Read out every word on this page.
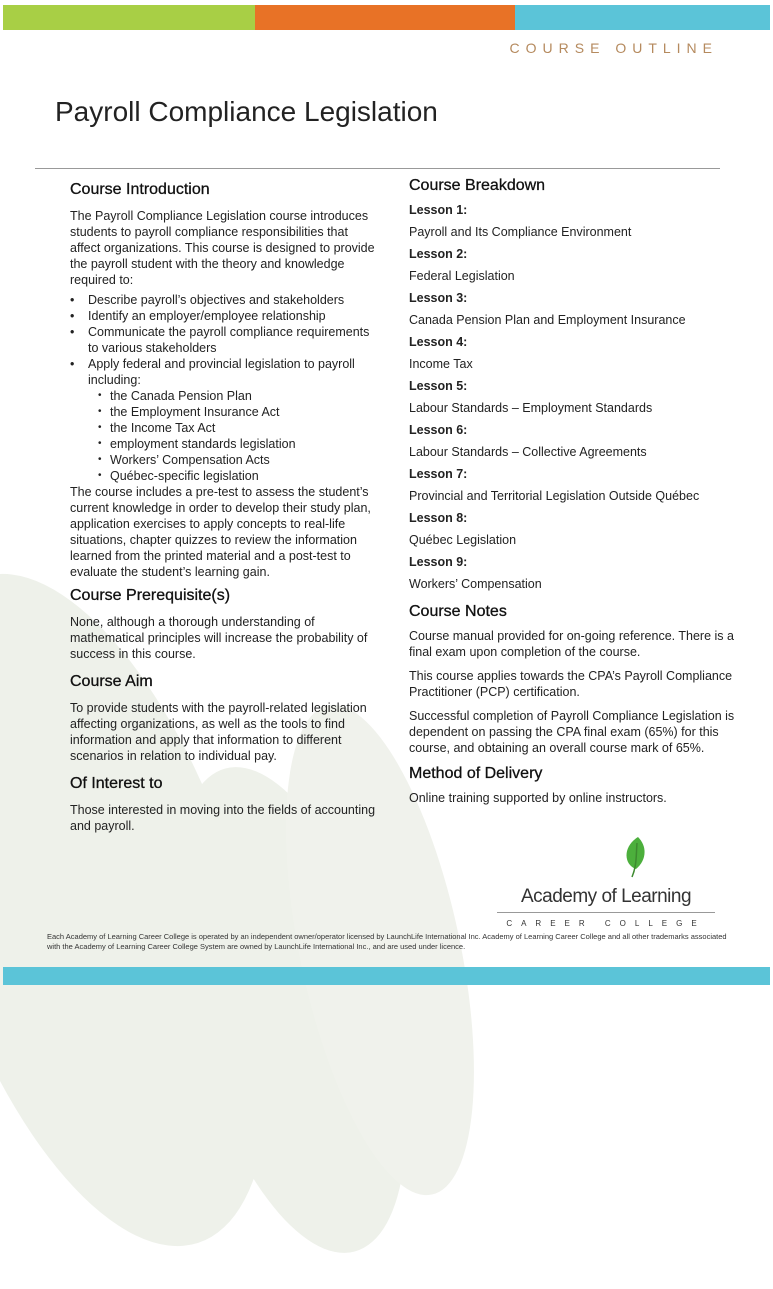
COURSE OUTLINE
Payroll Compliance Legislation
Course Introduction

The Payroll Compliance Legislation course introduces students to payroll compliance responsibilities that affect organizations. This course is designed to provide the payroll student with the theory and knowledge required to:

• Describe payroll’s objectives and stakeholders
• Identify an employer/employee relationship
• Communicate the payroll compliance requirements to various stakeholders
• Apply federal and provincial legislation to payroll including:
• the Canada Pension Plan
• the Employment Insurance Act
• the Income Tax Act
• employment standards legislation
• Workers’ Compensation Acts
• Québec-specific legislation

The course includes a pre-test to assess the student’s current knowledge in order to develop their study plan, application exercises to apply concepts to real-life situations, chapter quizzes to review the information learned from the printed material and a post-test to evaluate the student’s learning gain.

Course Prerequisite(s)

None, although a thorough understanding of mathematical principles will increase the probability of success in this course.

Course Aim

To provide students with the payroll-related legislation affecting organizations, as well as the tools to find information and apply that information to different scenarios in relation to individual pay.

Of Interest to

Those interested in moving into the fields of accounting and payroll.

Course Breakdown
Lesson 1:
Payroll and Its Compliance Environment
Lesson 2:
Federal Legislation
Lesson 3:
Canada Pension Plan and Employment Insurance
Lesson 4:
Income Tax
Lesson 5:
Labour Standards – Employment Standards
Lesson 6:
Labour Standards – Collective Agreements
Lesson 7:
Provincial and Territorial Legislation Outside Québec
Lesson 8:
Québec Legislation
Lesson 9:
Workers’ Compensation
Course Notes

Course manual provided for on-going reference. There is a final exam upon completion of the course.

This course applies towards the CPA’s Payroll Compliance Practitioner (PCP) certification.

Successful completion of Payroll Compliance Legislation is dependent on passing the CPA final exam (65%) for this course, and obtaining an overall course mark of 65%.

Method of Delivery

Online training supported by online instructors.

Academy of Learning
CAREER COLLEGE
Each Academy of Learning Career College is operated by an independent owner/operator licensed by LaunchLife International Inc. Academy of Learning Career College and all other trademarks associated with the Academy of Learning Career College System are owned by LaunchLife International Inc., and are used under licence.
